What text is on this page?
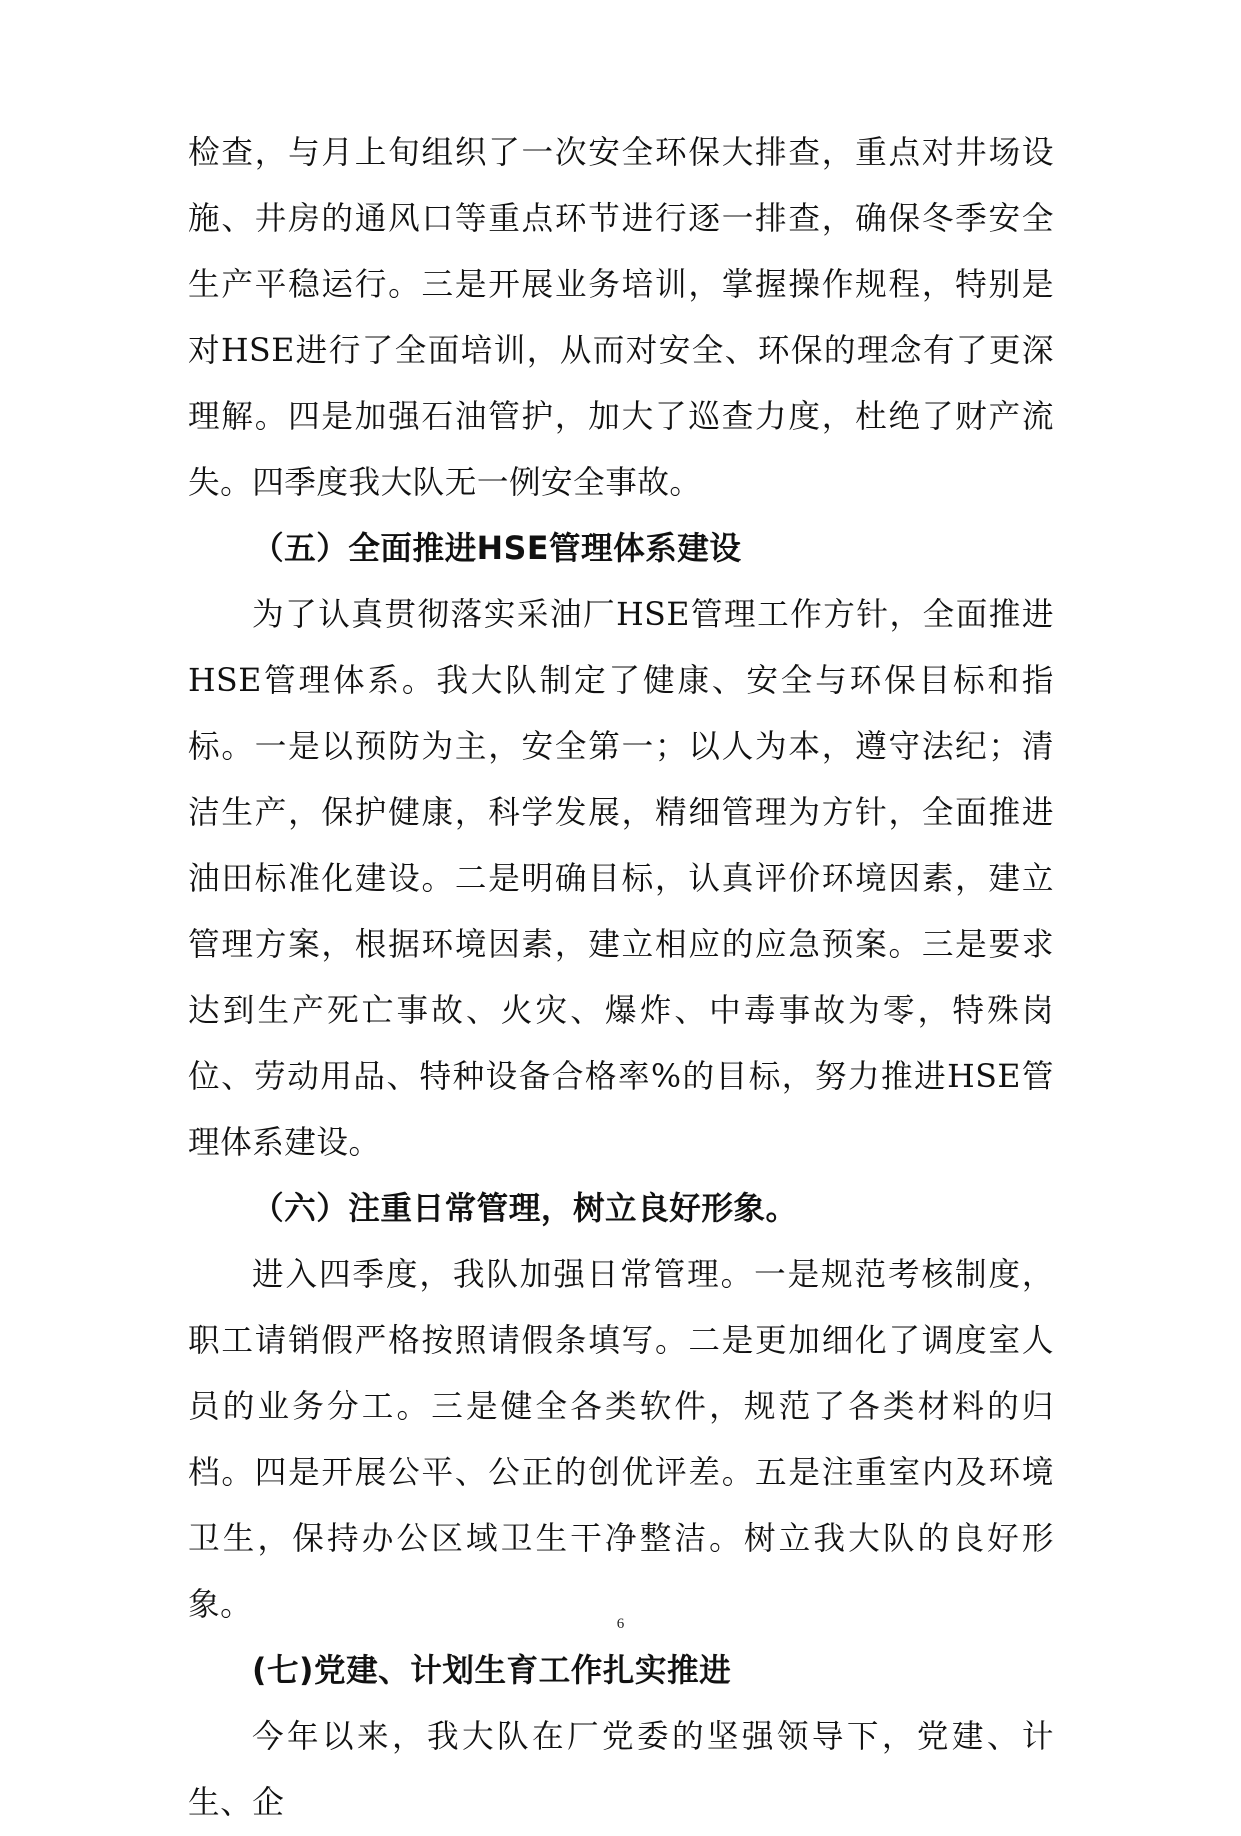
检查，与月上旬组织了一次安全环保大排查，重点对井场设施、井房的通风口等重点环节进行逐一排查，确保冬季安全生产平稳运行。三是开展业务培训，掌握操作规程，特别是对HSE进行了全面培训，从而对安全、环保的理念有了更深理解。四是加强石油管护，加大了巡查力度，杜绝了财产流失。四季度我大队无一例安全事故。

（五）全面推进HSE管理体系建设

为了认真贯彻落实采油厂HSE管理工作方针，全面推进HSE管理体系。我大队制定了健康、安全与环保目标和指标。一是以预防为主，安全第一；以人为本，遵守法纪；清洁生产，保护健康，科学发展，精细管理为方针，全面推进油田标准化建设。二是明确目标，认真评价环境因素，建立管理方案，根据环境因素，建立相应的应急预案。三是要求达到生产死亡事故、火灾、爆炸、中毒事故为零，特殊岗位、劳动用品、特种设备合格率%的目标，努力推进HSE管理体系建设。

（六）注重日常管理，树立良好形象。

进入四季度，我队加强日常管理。一是规范考核制度，职工请销假严格按照请假条填写。二是更加细化了调度室人员的业务分工。三是健全各类软件，规范了各类材料的归档。四是开展公平、公正的创优评差。五是注重室内及环境卫生，保持办公区域卫生干净整洁。树立我大队的良好形象。

(七)党建、计划生育工作扎实推进

今年以来，我大队在厂党委的坚强领导下，党建、计生、企

6
